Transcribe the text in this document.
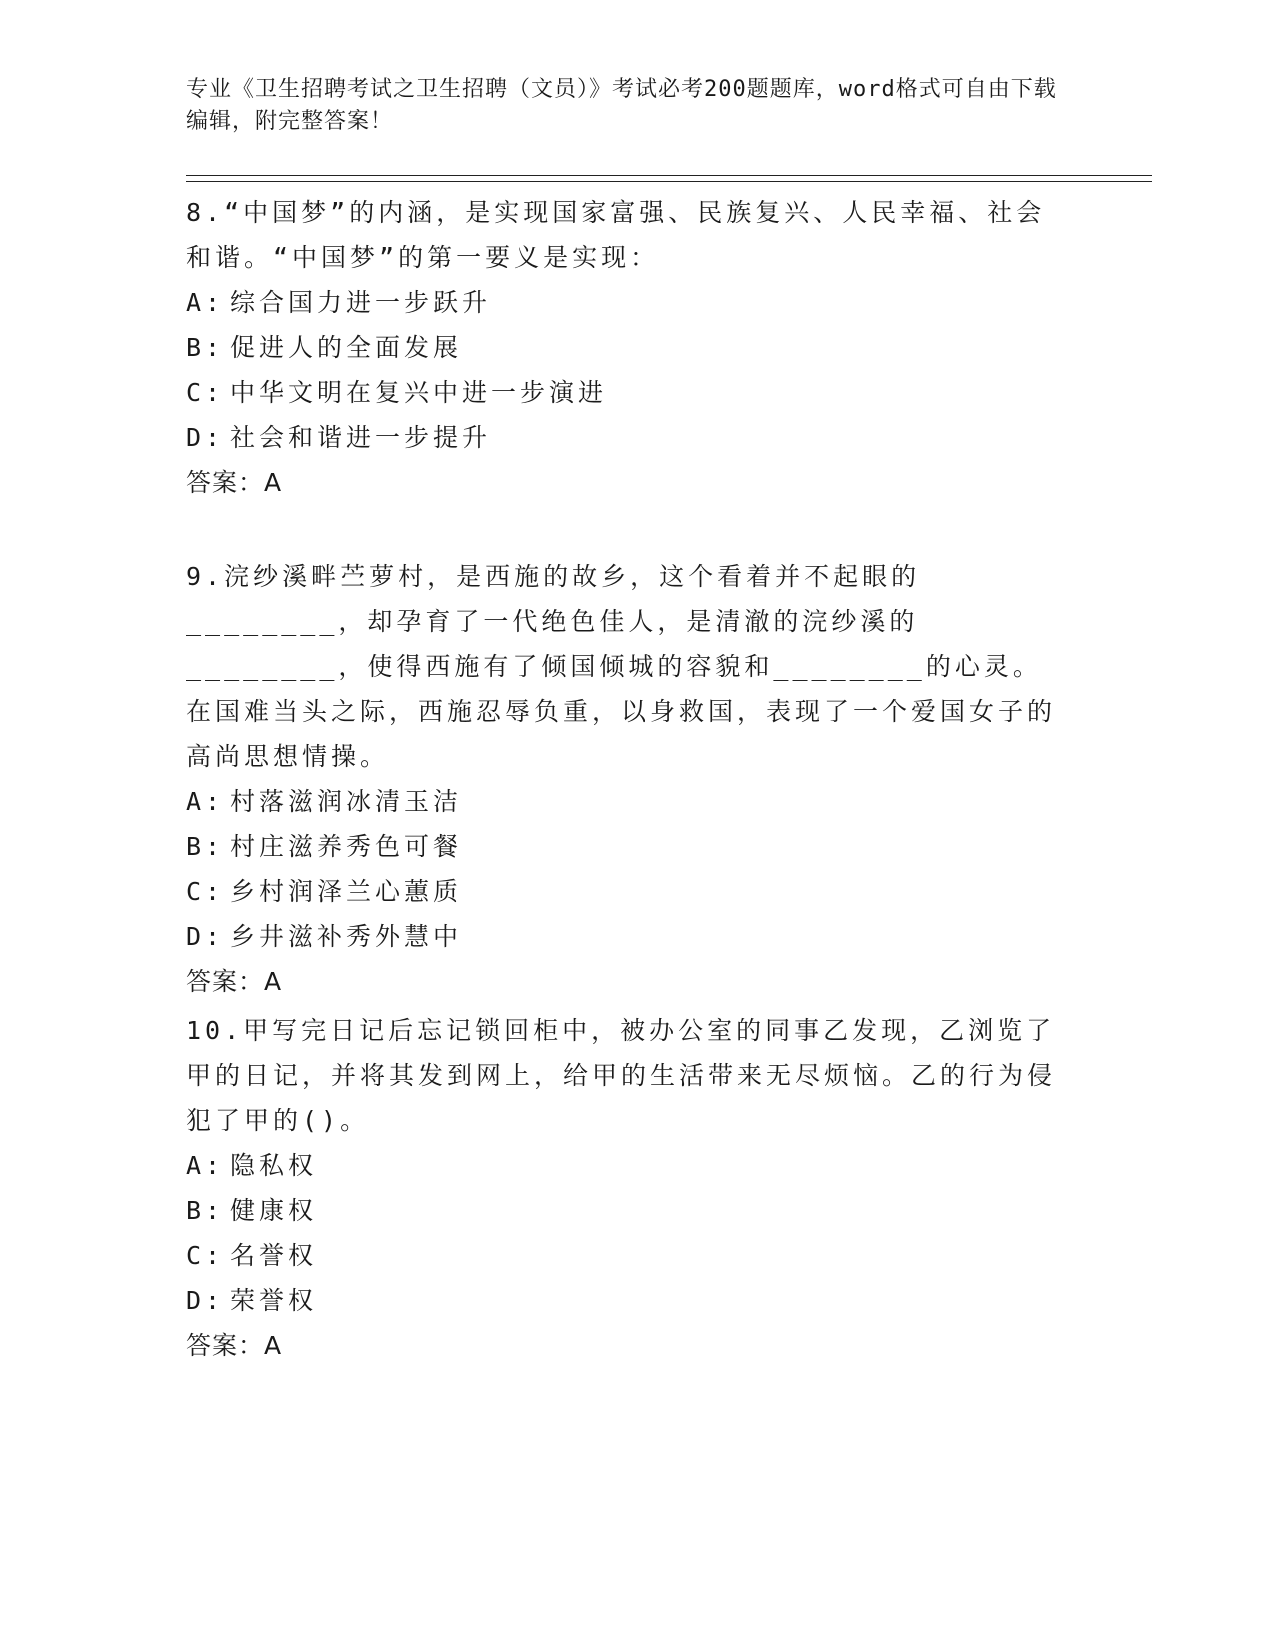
专业《卫生招聘考试之卫生招聘（文员）》考试必考200题题库，word格式可自由下载编辑，附完整答案！

8.“中国梦”的内涵，是实现国家富强、民族复兴、人民幸福、社会和谐。“中国梦”的第一要义是实现：

A: 综合国力进一步跃升
B: 促进人的全面发展
C: 中华文明在复兴中进一步演进
D: 社会和谐进一步提升
答案：A

9.浣纱溪畔苎萝村，是西施的故乡，这个看着并不起眼的________，却孕育了一代绝色佳人，是清澈的浣纱溪的________，使得西施有了倾国倾城的容貌和________的心灵。在国难当头之际，西施忍辱负重，以身救国，表现了一个爱国女子的高尚思想情操。

A: 村落滋润冰清玉洁
B: 村庄滋养秀色可餐
C: 乡村润泽兰心蕙质
D: 乡井滋补秀外慧中
答案：A

10.甲写完日记后忘记锁回柜中，被办公室的同事乙发现，乙浏览了甲的日记，并将其发到网上，给甲的生活带来无尽烦恼。乙的行为侵犯了甲的()。

A: 隐私权
B: 健康权
C: 名誉权
D: 荣誉权
答案：A
